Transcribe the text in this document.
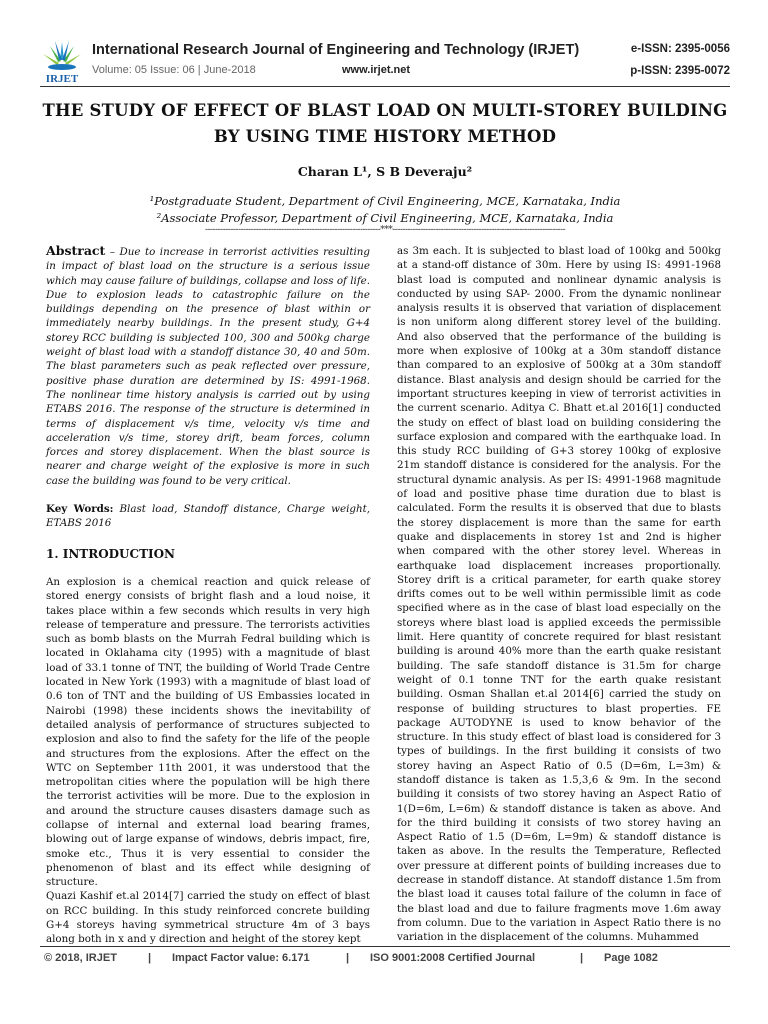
IRJET
International Research Journal of Engineering and Technology (IRJET)
Volume: 05 Issue: 06 | June-2018	www.irjet.net
e-ISSN: 2395-0056
p-ISSN: 2395-0072
THE STUDY OF EFFECT OF BLAST LOAD ON MULTI-STOREY BUILDING
BY USING TIME HISTORY METHOD
Charan L¹, S B Deveraju²
¹Postgraduate Student, Department of Civil Engineering, MCE, Karnataka, India
²Associate Professor, Department of Civil Engineering, MCE, Karnataka, India
---------------------------------------------------------------------***--------------------------------------------------------------------

Abstract – Due to increase in terrorist activities resulting in impact of blast load on the structure is a serious issue which may cause failure of buildings, collapse and loss of life. Due to explosion leads to catastrophic failure on the buildings depending on the presence of blast within or immediately nearby buildings. In the present study, G+4 storey RCC building is subjected 100, 300 and 500kg charge weight of blast load with a standoff distance 30, 40 and 50m. The blast parameters such as peak reflected over pressure, positive phase duration are determined by IS: 4991-1968. The nonlinear time history analysis is carried out by using ETABS 2016. The response of the structure is determined in terms of displacement v/s time, velocity v/s time and acceleration v/s time, storey drift, beam forces, column forces and storey displacement. When the blast source is nearer and charge weight of the explosive is more in such case the building was found to be very critical.

Key Words: Blast load, Standoff distance, Charge weight, ETABS 2016

1. INTRODUCTION

An explosion is a chemical reaction and quick release of stored energy consists of bright flash and a loud noise, it takes place within a few seconds which results in very high release of temperature and pressure. The terrorists activities such as bomb blasts on the Murrah Fedral building which is located in Oklahama city (1995) with a magnitude of blast load of 33.1 tonne of TNT, the building of World Trade Centre located in New York (1993) with a magnitude of blast load of 0.6 ton of TNT and the building of US Embassies located in Nairobi (1998) these incidents shows the inevitability of detailed analysis of performance of structures subjected to explosion and also to find the safety for the life of the people and structures from the explosions. After the effect on the WTC on September 11th 2001, it was understood that the metropolitan cities where the population will be high there the terrorist activities will be more. Due to the explosion in and around the structure causes disasters damage such as collapse of internal and external load bearing frames, blowing out of large expanse of windows, debris impact, fire, smoke etc., Thus it is very essential to consider the phenomenon of blast and its effect while designing of structure.

Quazi Kashif et.al 2014[7] carried the study on effect of blast on RCC building. In this study reinforced concrete building G+4 storeys having symmetrical structure 4m of 3 bays along both in x and y direction and height of the storey kept

as 3m each. It is subjected to blast load of 100kg and 500kg at a stand-off distance of 30m. Here by using IS: 4991-1968 blast load is computed and nonlinear dynamic analysis is conducted by using SAP- 2000. From the dynamic nonlinear analysis results it is observed that variation of displacement is non uniform along different storey level of the building. And also observed that the performance of the building is more when explosive of 100kg at a 30m standoff distance than compared to an explosive of 500kg at a 30m standoff distance. Blast analysis and design should be carried for the important structures keeping in view of terrorist activities in the current scenario. Aditya C. Bhatt et.al 2016[1] conducted the study on effect of blast load on building considering the surface explosion and compared with the earthquake load. In this study RCC building of G+3 storey 100kg of explosive 21m standoff distance is considered for the analysis. For the structural dynamic analysis. As per IS: 4991-1968 magnitude of load and positive phase time duration due to blast is calculated. Form the results it is observed that due to blasts the storey displacement is more than the same for earth quake and displacements in storey 1st and 2nd is higher when compared with the other storey level. Whereas in earthquake load displacement increases proportionally. Storey drift is a critical parameter, for earth quake storey drifts comes out to be well within permissible limit as code specified where as in the case of blast load especially on the storeys where blast load is applied exceeds the permissible limit. Here quantity of concrete required for blast resistant building is around 40% more than the earth quake resistant building. The safe standoff distance is 31.5m for charge weight of 0.1 tonne TNT for the earth quake resistant building. Osman Shallan et.al 2014[6] carried the study on response of building structures to blast properties. FE package AUTODYNE is used to know behavior of the structure. In this study effect of blast load is considered for 3 types of buildings. In the first building it consists of two storey having an Aspect Ratio of 0.5 (D=6m, L=3m) & standoff distance is taken as 1.5,3,6 & 9m. In the second building it consists of two storey having an Aspect Ratio of 1(D=6m, L=6m) & standoff distance is taken as above. And for the third building it consists of two storey having an Aspect Ratio of 1.5 (D=6m, L=9m) & standoff distance is taken as above. In the results the Temperature, Reflected over pressure at different points of building increases due to decrease in standoff distance. At standoff distance 1.5m from the blast load it causes total failure of the column in face of the blast load and due to failure fragments move 1.6m away from column. Due to the variation in Aspect Ratio there is no variation in the displacement of the columns. Muhammed

© 2018, IRJET	| Impact Factor value: 6.171	| ISO 9001:2008 Certified Journal	| Page 1082
